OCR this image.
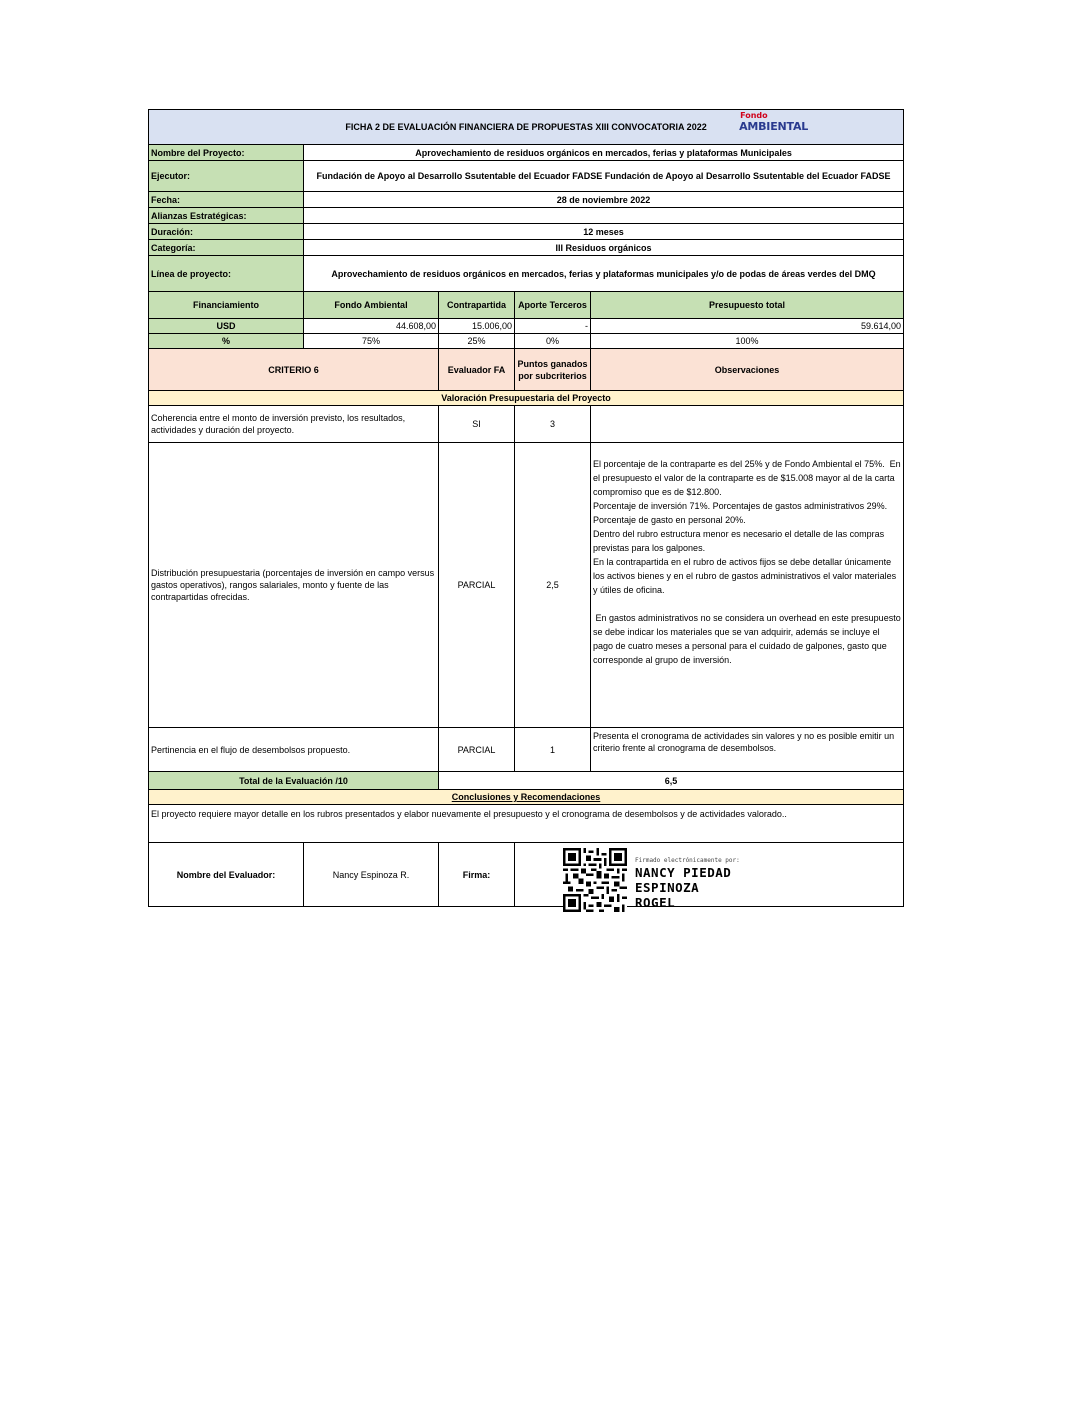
FICHA 2 DE EVALUACIÓN FINANCIERA DE PROPUESTAS XIII CONVOCATORIA 2022
Fondo
AMBIENTAL				

Nombre del Proyecto:	Aprovechamiento de residuos orgánicos en mercados, ferias y plataformas Municipales			
Ejecutor:	Fundación de Apoyo al Desarrollo Ssutentable del Ecuador FADSE Fundación de Apoyo al Desarrollo Ssutentable del Ecuador FADSE			
Fecha:	28 de noviembre 2022			
Alianzas Estratégicas:				
Duración:	12 meses			
Categoría:	III Residuos orgánicos			
Línea de proyecto:	Aprovechamiento de residuos orgánicos en mercados, ferias y plataformas municipales y/o de podas de áreas verdes del DMQ			
Financiamiento	Fondo Ambiental	Contrapartida	Aporte Terceros	Presupuesto total
USD	44.608,00	15.006,00	-	59.614,00
%	75%	25%	0%	100%
CRITERIO 6		Evaluador FA	Puntos ganados por subcriterios	Observaciones
Valoración Presupuestaria del Proyecto				
Coherencia entre el monto de inversión previsto, los resultados, actividades y duración del proyecto.		SI	3	
Distribución presupuestaria (porcentajes de inversión en campo versus gastos operativos), rangos salariales, monto y fuente de las contrapartidas ofrecidas.		PARCIAL	2,5	El porcentaje de la contraparte es del 25% y de Fondo Ambiental el 75%.  En el presupuesto el valor de la contraparte es de $15.008 mayor al de la carta compromiso que es de $12.800.
Porcentaje de inversión 71%. Porcentajes de gastos administrativos 29%. Porcentaje de gasto en personal 20%.
Dentro del rubro estructura menor es necesario el detalle de las compras previstas para los galpones.
En la contrapartida en el rubro de activos fijos se debe detallar únicamente los activos bienes y en el rubro de gastos administrativos el valor materiales y útiles de oficina.

En gastos administrativos no se considera un overhead en este presupuesto se debe indicar los materiales que se van adquirir, además se incluye el pago de cuatro meses a personal para el cuidado de galpones, gasto que corresponde al grupo de inversión.

Pertinencia en el flujo de desembolsos propuesto.		PARCIAL	1	Presenta el cronograma de actividades sin valores y no es posible emitir un criterio frente al cronograma de desembolsos.
Total de la Evaluación /10		6,5		
Conclusiones y Recomendaciones				
El proyecto requiere mayor detalle en los rubros presentados y elabor nuevamente el presupuesto y el cronograma de desembolsos y de actividades valorado..				
Nombre del Evaluador:	Nancy Espinoza R.	Firma:	Firmado electrónicamente por:
NANCY PIEDAD
ESPINOZA
ROGEL	
